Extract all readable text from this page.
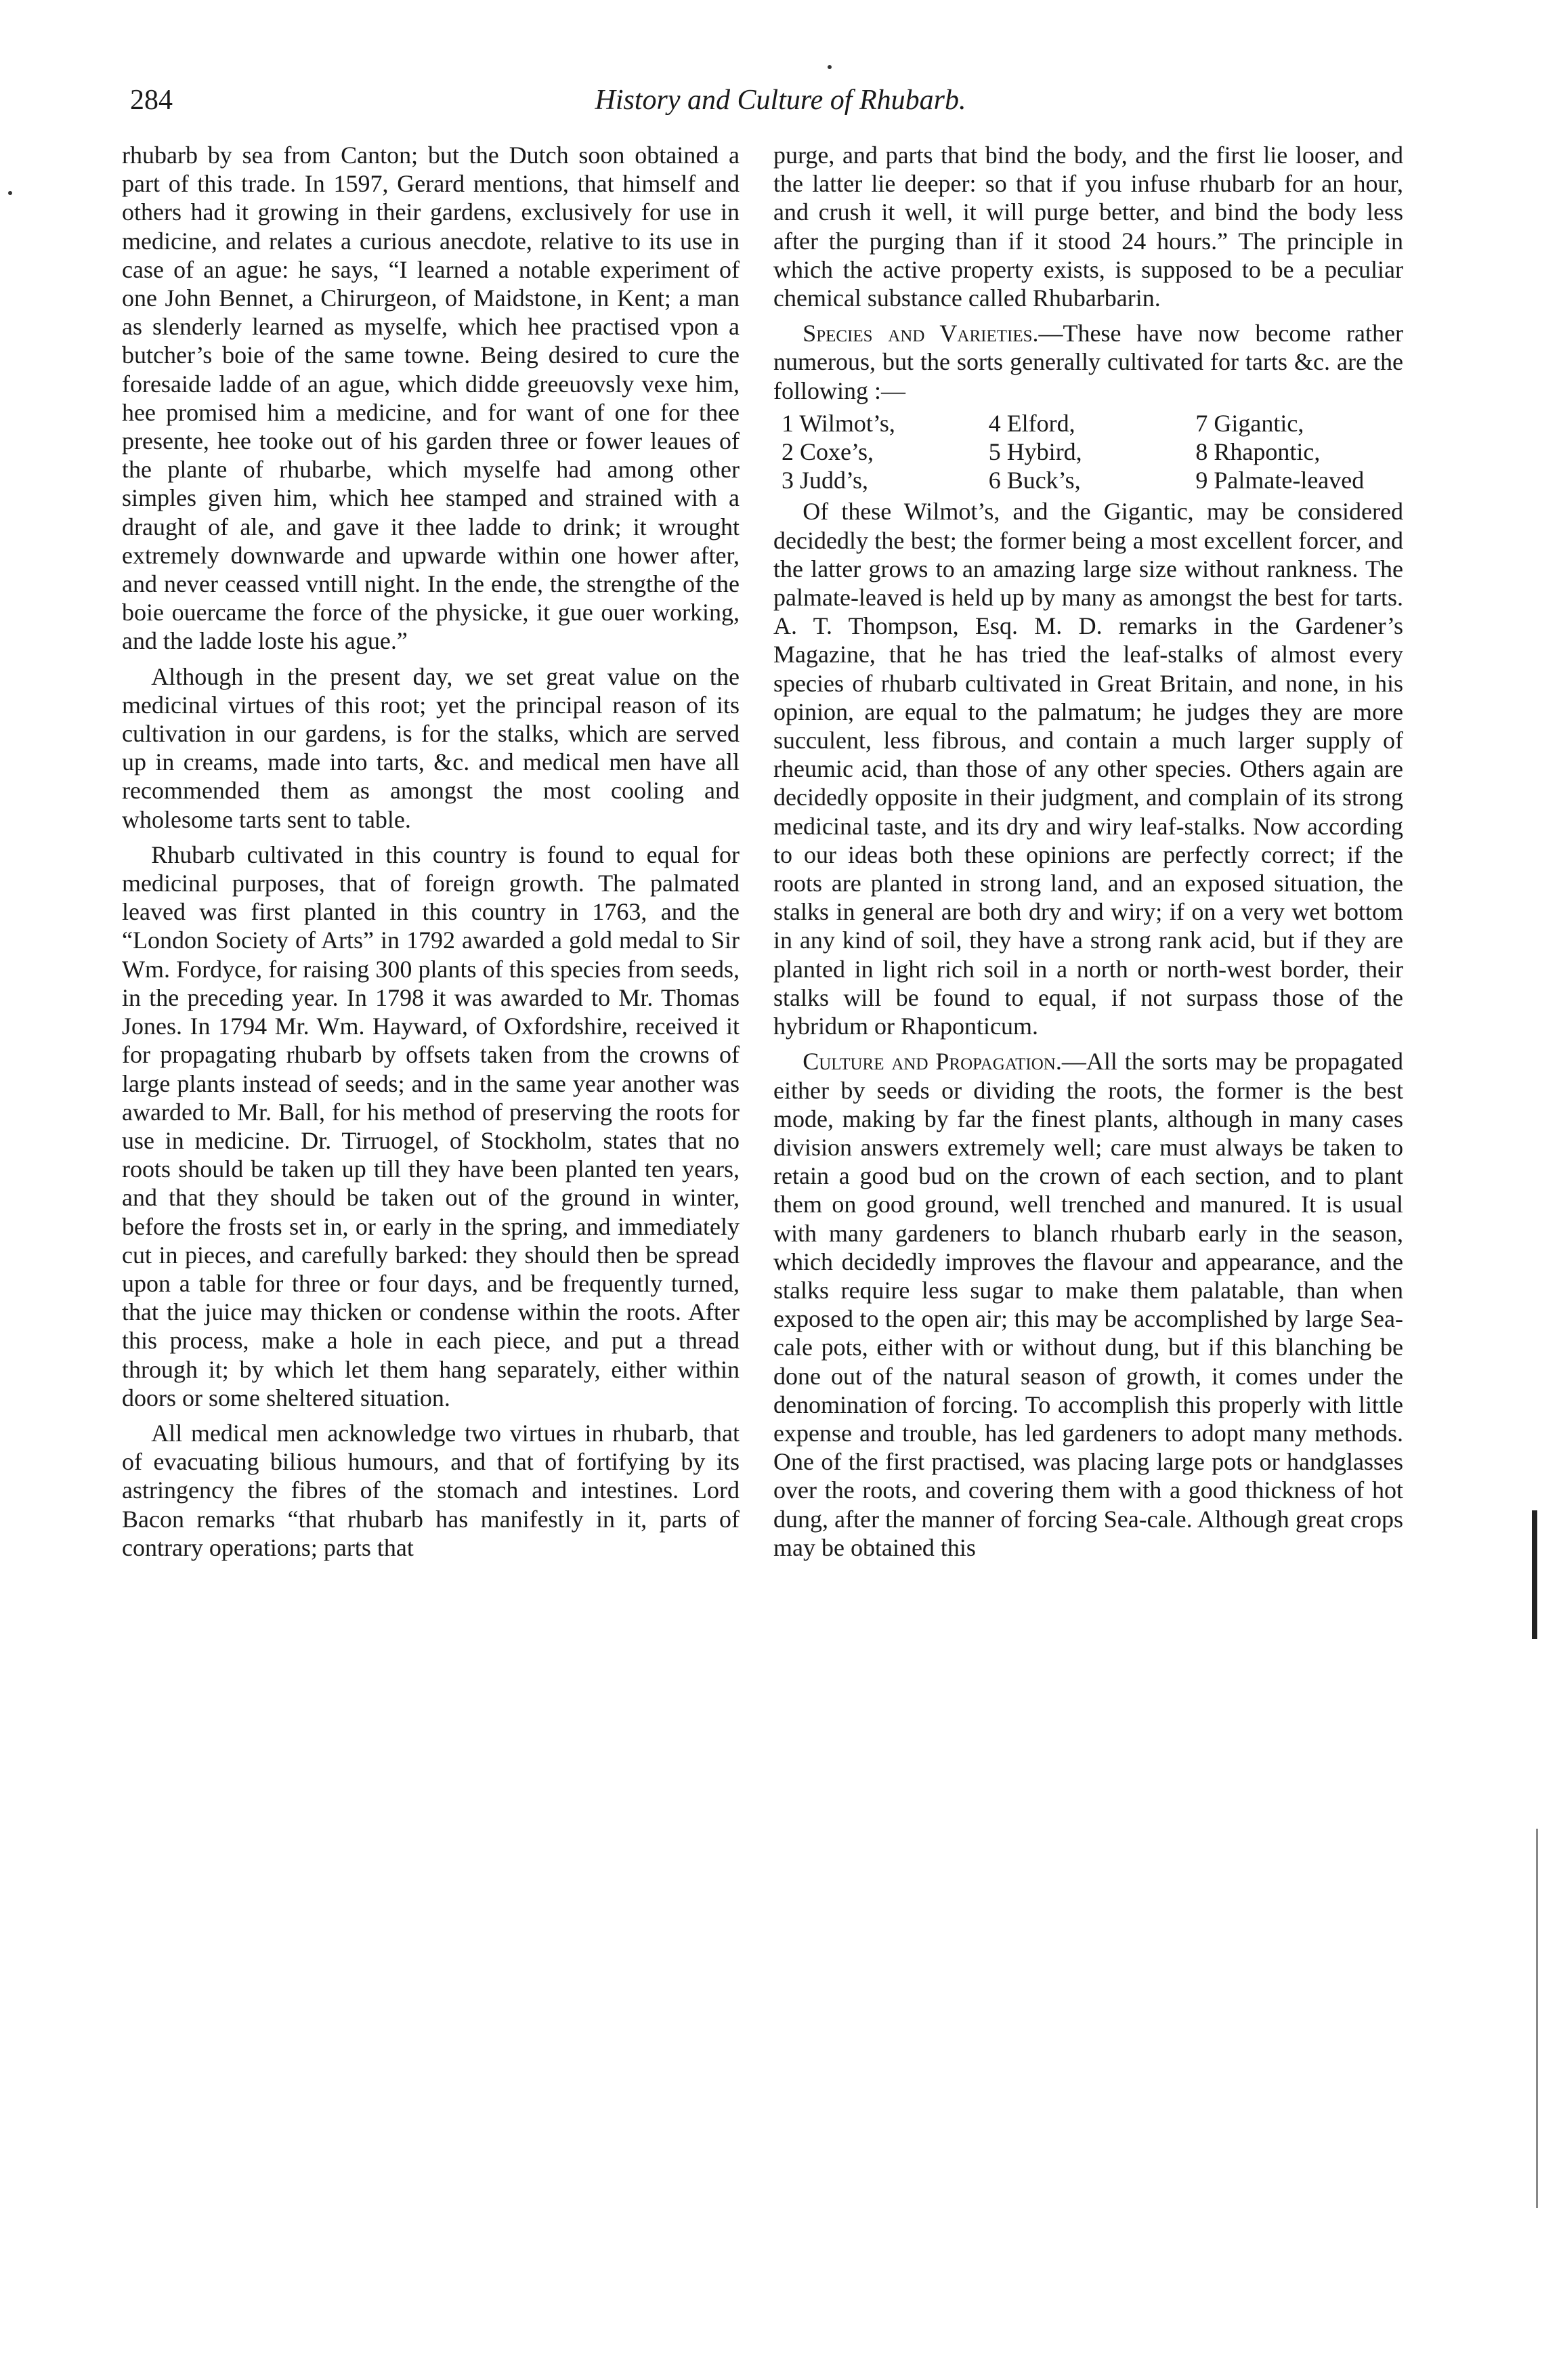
284	History and Culture of Rhubarb.

rhubarb by sea from Canton; but the Dutch soon obtained a part of this trade. In 1597, Gerard mentions, that himself and others had it growing in their gardens, exclusively for use in medicine, and relates a curious anecdote, relative to its use in case of an ague: he says, “I learned a notable experiment of one John Bennet, a Chirurgeon, of Maidstone, in Kent; a man as slenderly learned as myselfe, which hee practised vpon a butcher’s boie of the same towne. Being desired to cure the foresaide ladde of an ague, which didde greeuovsly vexe him, hee promised him a medicine, and for want of one for thee presente, hee tooke out of his garden three or fower leaues of the plante of rhubarbe, which myselfe had among other simples given him, which hee stamped and strained with a draught of ale, and gave it thee ladde to drink; it wrought extremely downwarde and upwarde within one hower after, and never ceassed vntill night. In the ende, the strengthe of the boie ouercame the force of the physicke, it gue ouer working, and the ladde loste his ague.”

Although in the present day, we set great value on the medicinal virtues of this root; yet the principal reason of its cultivation in our gardens, is for the stalks, which are served up in creams, made into tarts, &c. and medical men have all recommended them as amongst the most cooling and wholesome tarts sent to table.

Rhubarb cultivated in this country is found to equal for medicinal purposes, that of foreign growth. The palmated leaved was first planted in this country in 1763, and the “London Society of Arts” in 1792 awarded a gold medal to Sir Wm. Fordyce, for raising 300 plants of this species from seeds, in the preceding year. In 1798 it was awarded to Mr. Thomas Jones. In 1794 Mr. Wm. Hayward, of Oxfordshire, received it for propagating rhubarb by offsets taken from the crowns of large plants instead of seeds; and in the same year another was awarded to Mr. Ball, for his method of preserving the roots for use in medicine. Dr. Tirruogel, of Stockholm, states that no roots should be taken up till they have been planted ten years, and that they should be taken out of the ground in winter, before the frosts set in, or early in the spring, and immediately cut in pieces, and carefully barked: they should then be spread upon a table for three or four days, and be frequently turned, that the juice may thicken or condense within the roots. After this process, make a hole in each piece, and put a thread through it; by which let them hang separately, either within doors or some sheltered situation.

All medical men acknowledge two virtues in rhubarb, that of evacuating bilious humours, and that of fortifying by its astringency the fibres of the stomach and intestines. Lord Bacon remarks “that rhubarb has manifestly in it, parts of contrary operations; parts that

purge, and parts that bind the body, and the first lie looser, and the latter lie deeper: so that if you infuse rhubarb for an hour, and crush it well, it will purge better, and bind the body less after the purging than if it stood 24 hours.” The principle in which the active property exists, is supposed to be a peculiar chemical substance called Rhubarbarin.

Species and Varieties.—These have now become rather numerous, but the sorts generally cultivated for tarts &c. are the following :—

1 Wilmot’s,	4 Elford,	7 Gigantic,
2 Coxe’s,	5 Hybird,	8 Rhapontic,
3 Judd’s,	6 Buck’s,	9 Palmate-leaved

Of these Wilmot’s, and the Gigantic, may be considered decidedly the best; the former being a most excellent forcer, and the latter grows to an amazing large size without rankness. The palmate-leaved is held up by many as amongst the best for tarts. A. T. Thompson, Esq. M. D. remarks in the Gardener’s Magazine, that he has tried the leaf-stalks of almost every species of rhubarb cultivated in Great Britain, and none, in his opinion, are equal to the palmatum; he judges they are more succulent, less fibrous, and contain a much larger supply of rheumic acid, than those of any other species. Others again are decidedly opposite in their judgment, and complain of its strong medicinal taste, and its dry and wiry leaf-stalks. Now according to our ideas both these opinions are perfectly correct; if the roots are planted in strong land, and an exposed situation, the stalks in general are both dry and wiry; if on a very wet bottom in any kind of soil, they have a strong rank acid, but if they are planted in light rich soil in a north or north-west border, their stalks will be found to equal, if not surpass those of the hybridum or Rhaponticum.

Culture and Propagation.—All the sorts may be propagated either by seeds or dividing the roots, the former is the best mode, making by far the finest plants, although in many cases division answers extremely well; care must always be taken to retain a good bud on the crown of each section, and to plant them on good ground, well trenched and manured. It is usual with many gardeners to blanch rhubarb early in the season, which decidedly improves the flavour and appearance, and the stalks require less sugar to make them palatable, than when exposed to the open air; this may be accomplished by large Sea-cale pots, either with or without dung, but if this blanching be done out of the natural season of growth, it comes under the denomination of forcing. To accomplish this properly with little expense and trouble, has led gardeners to adopt many methods. One of the first practised, was placing large pots or handglasses over the roots, and covering them with a good thickness of hot dung, after the manner of forcing Sea-cale. Although great crops may be obtained this
